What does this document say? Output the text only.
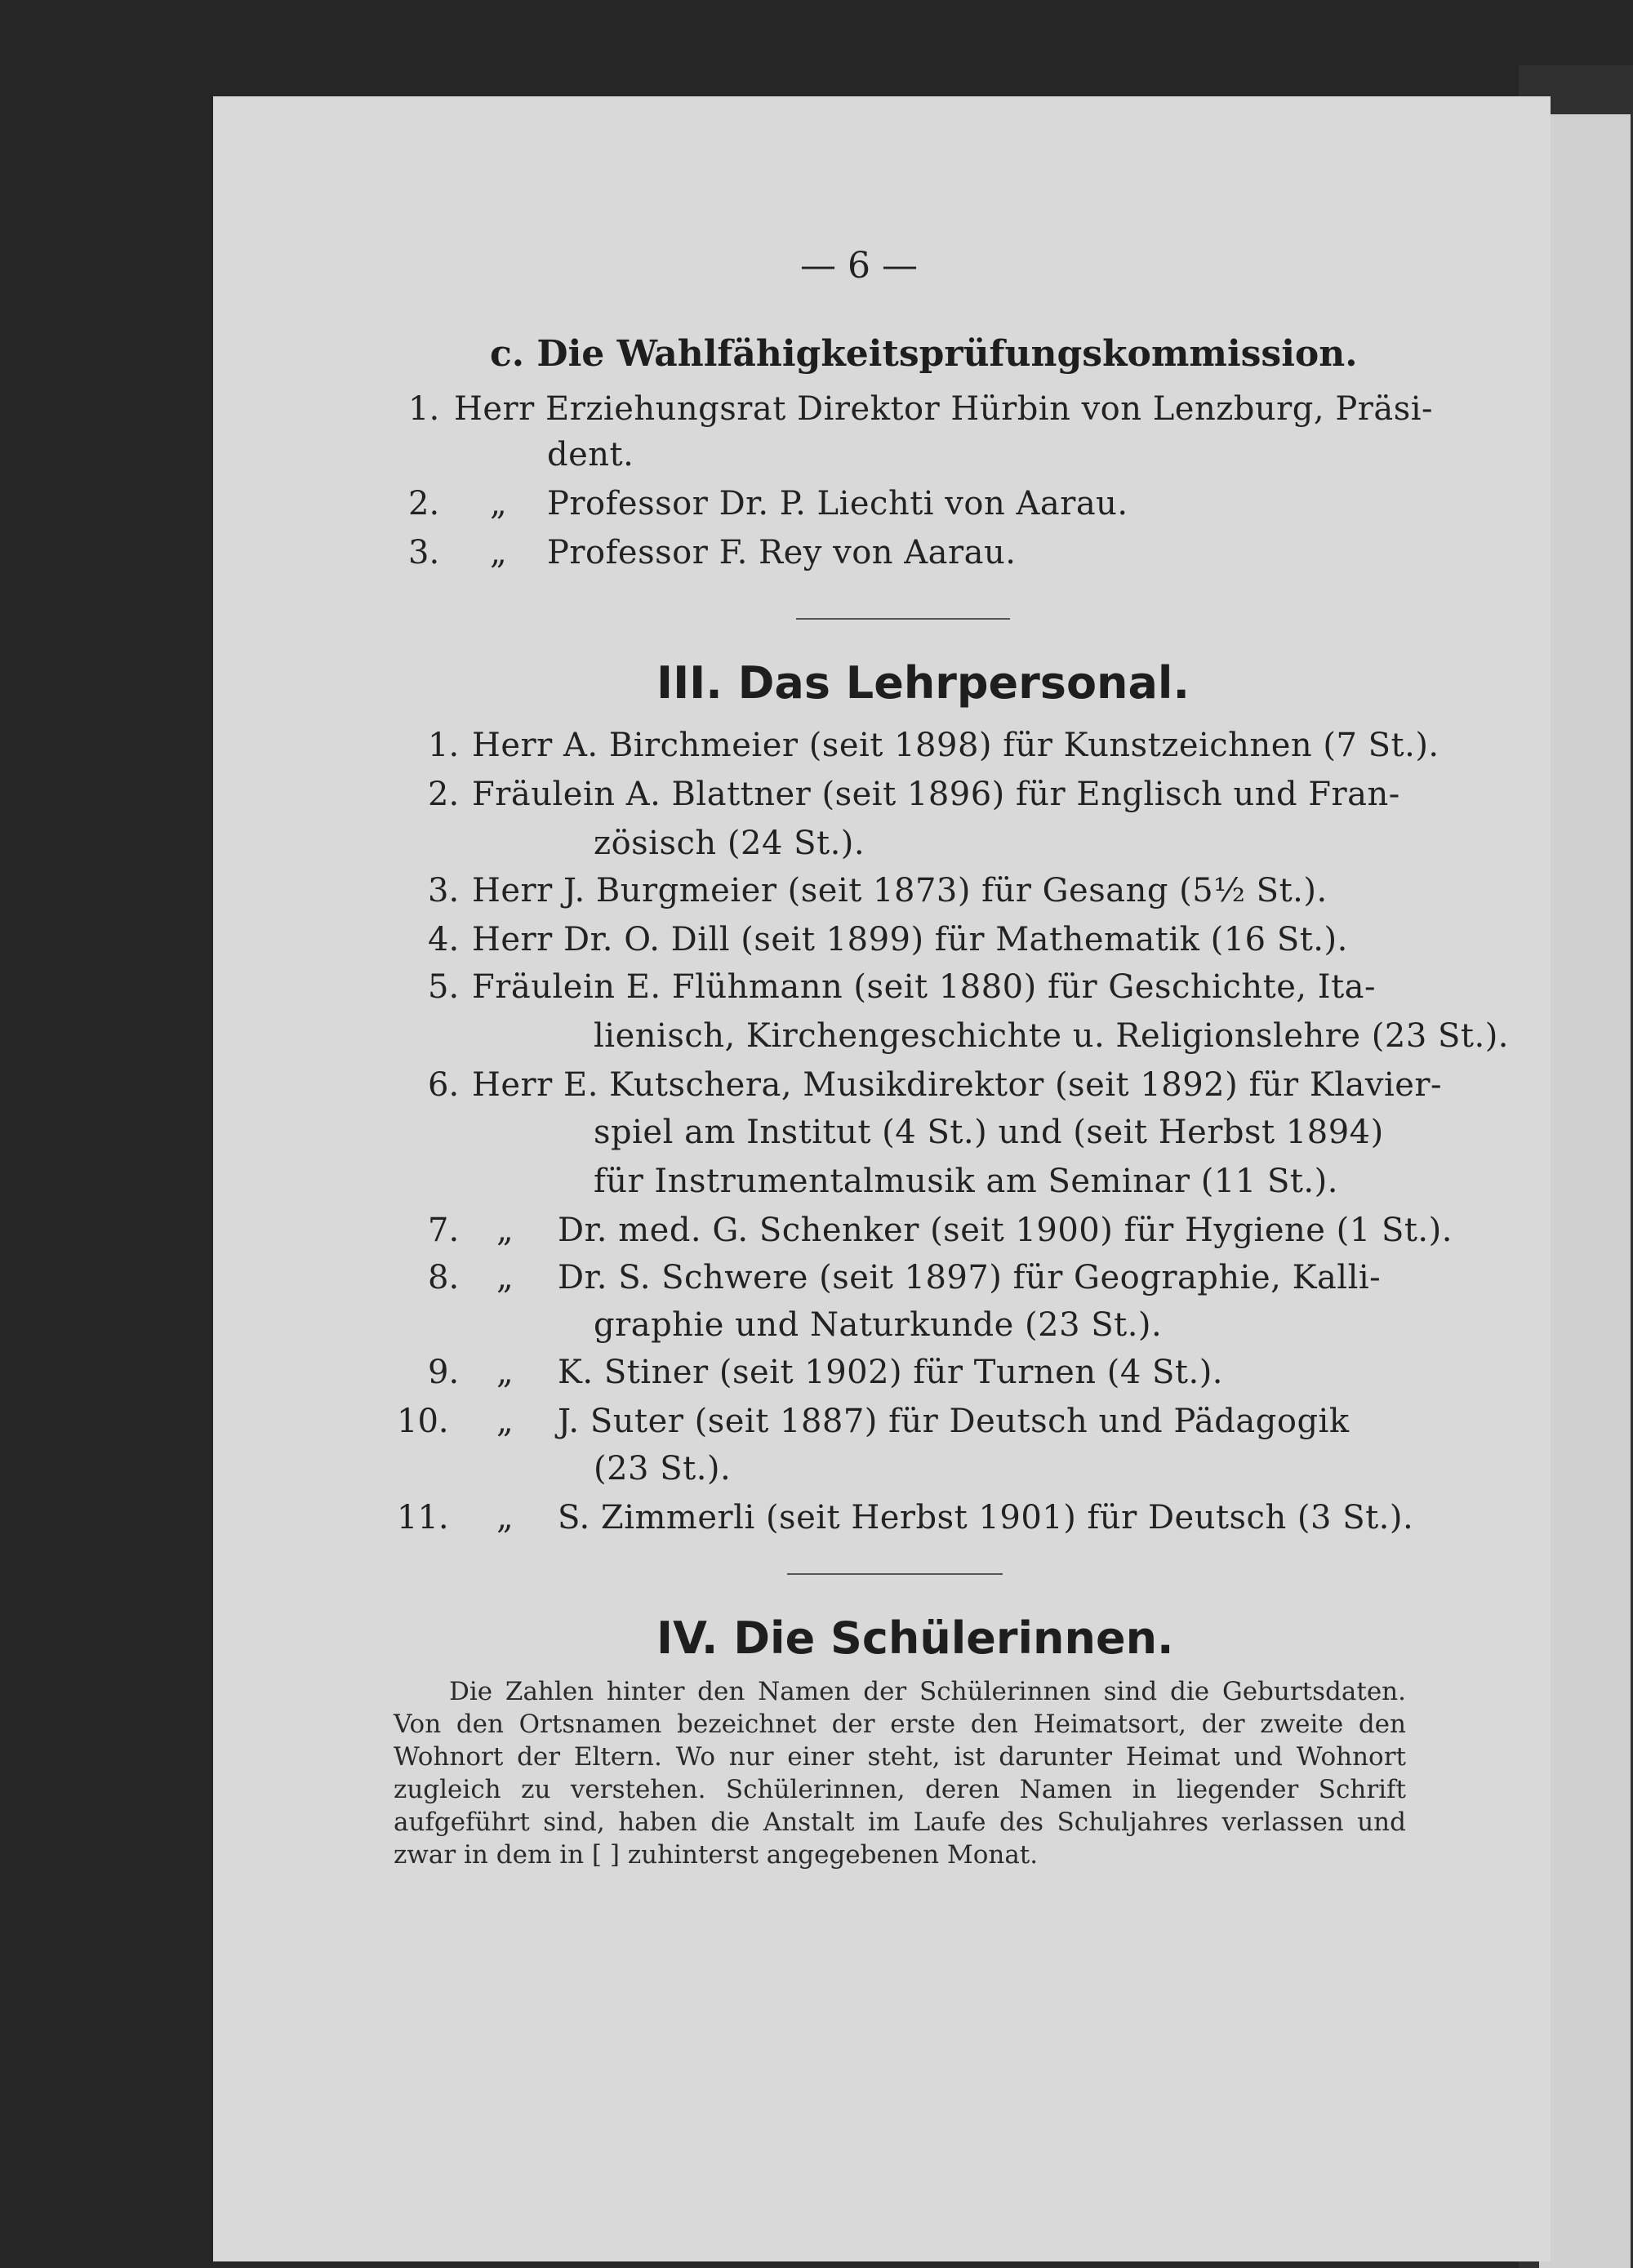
— 6 —
c. Die Wahlfähigkeitsprüfungskommission.
1. Herr Erziehungsrat Direktor Hürbin von Lenzburg, Präsi-
dent.
2. „ Professor Dr. P. Liechti von Aarau.
3. „ Professor F. Rey von Aarau.
III. Das Lehrpersonal.
1. Herr A. Birchmeier (seit 1898) für Kunstzeichnen (7 St.).
2. Fräulein A. Blattner (seit 1896) für Englisch und Fran-
zösisch (24 St.).
3. Herr J. Burgmeier (seit 1873) für Gesang (5½ St.).
4. Herr Dr. O. Dill (seit 1899) für Mathematik (16 St.).
5. Fräulein E. Flühmann (seit 1880) für Geschichte, Ita-
lienisch, Kirchengeschichte u. Religionslehre (23 St.).
6. Herr E. Kutschera, Musikdirektor (seit 1892) für Klavier-
spiel am Institut (4 St.) und (seit Herbst 1894)
für Instrumentalmusik am Seminar (11 St.).
7. „ Dr. med. G. Schenker (seit 1900) für Hygiene (1 St.).
8. „ Dr. S. Schwere (seit 1897) für Geographie, Kalli-
graphie und Naturkunde (23 St.).
9. „ K. Stiner (seit 1902) für Turnen (4 St.).
10. „ J. Suter (seit 1887) für Deutsch und Pädagogik
(23 St.).
11. „ S. Zimmerli (seit Herbst 1901) für Deutsch (3 St.).
IV. Die Schülerinnen.

Die Zahlen hinter den Namen der Schülerinnen sind die Geburtsdaten. Von den Ortsnamen bezeichnet der erste den Heimatsort, der zweite den Wohnort der Eltern. Wo nur einer steht, ist darunter Heimat und Wohnort zugleich zu verstehen. Schülerinnen, deren Namen in liegender Schrift aufgeführt sind, haben die Anstalt im Laufe des Schuljahres verlassen und zwar in dem in [ ] zuhinterst angegebenen Monat.
